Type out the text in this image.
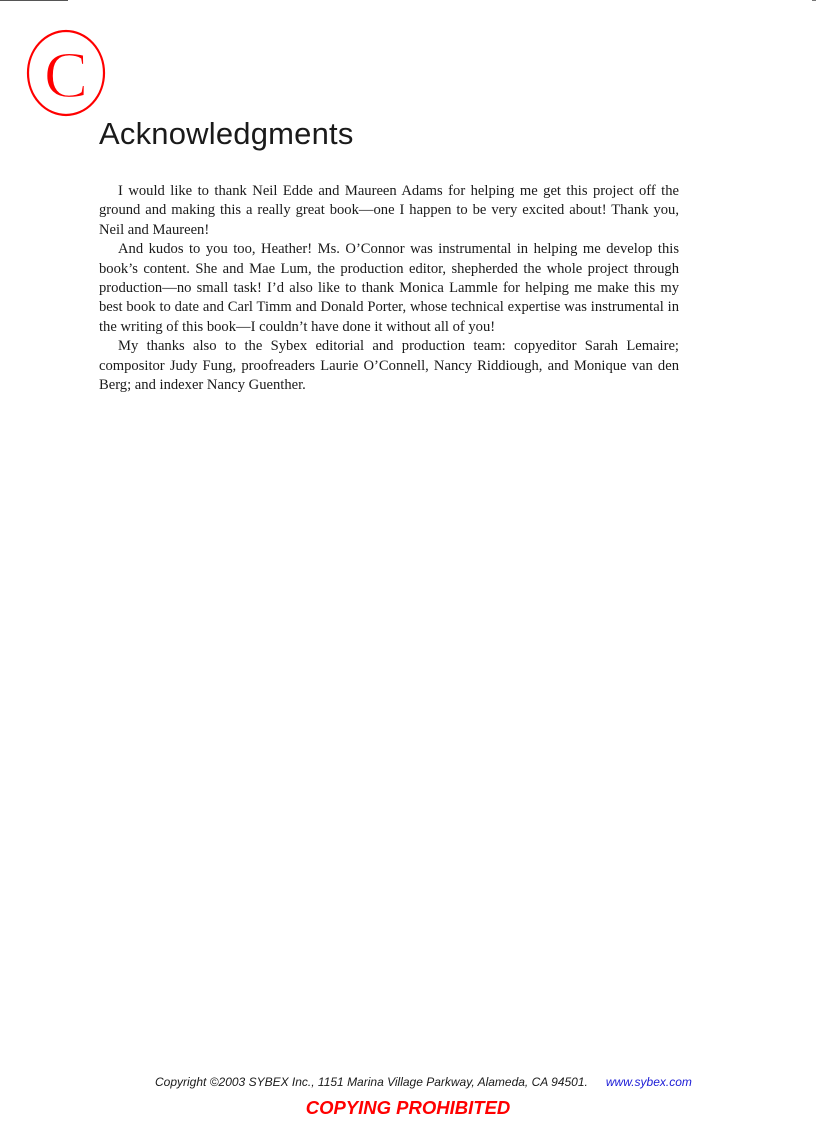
C
Acknowledgments

I would like to thank Neil Edde and Maureen Adams for helping me get this project off the ground and making this a really great book—one I happen to be very excited about! Thank you, Neil and Maureen!

And kudos to you too, Heather! Ms. O’Connor was instrumental in helping me develop this book’s content. She and Mae Lum, the production editor, shepherded the whole project through production—no small task! I’d also like to thank Monica Lammle for helping me make this my best book to date and Carl Timm and Donald Porter, whose technical expertise was instrumental in the writing of this book—I couldn’t have done it without all of you!

My thanks also to the Sybex editorial and production team: copyeditor Sarah Lemaire; compositor Judy Fung, proofreaders Laurie O’Connell, Nancy Riddiough, and Monique van den Berg; and indexer Nancy Guenther.

Copyright ©2003 SYBEX Inc., 1151 Marina Village Parkway, Alameda, CA 94501. www.sybex.com

COPYING PROHIBITED
